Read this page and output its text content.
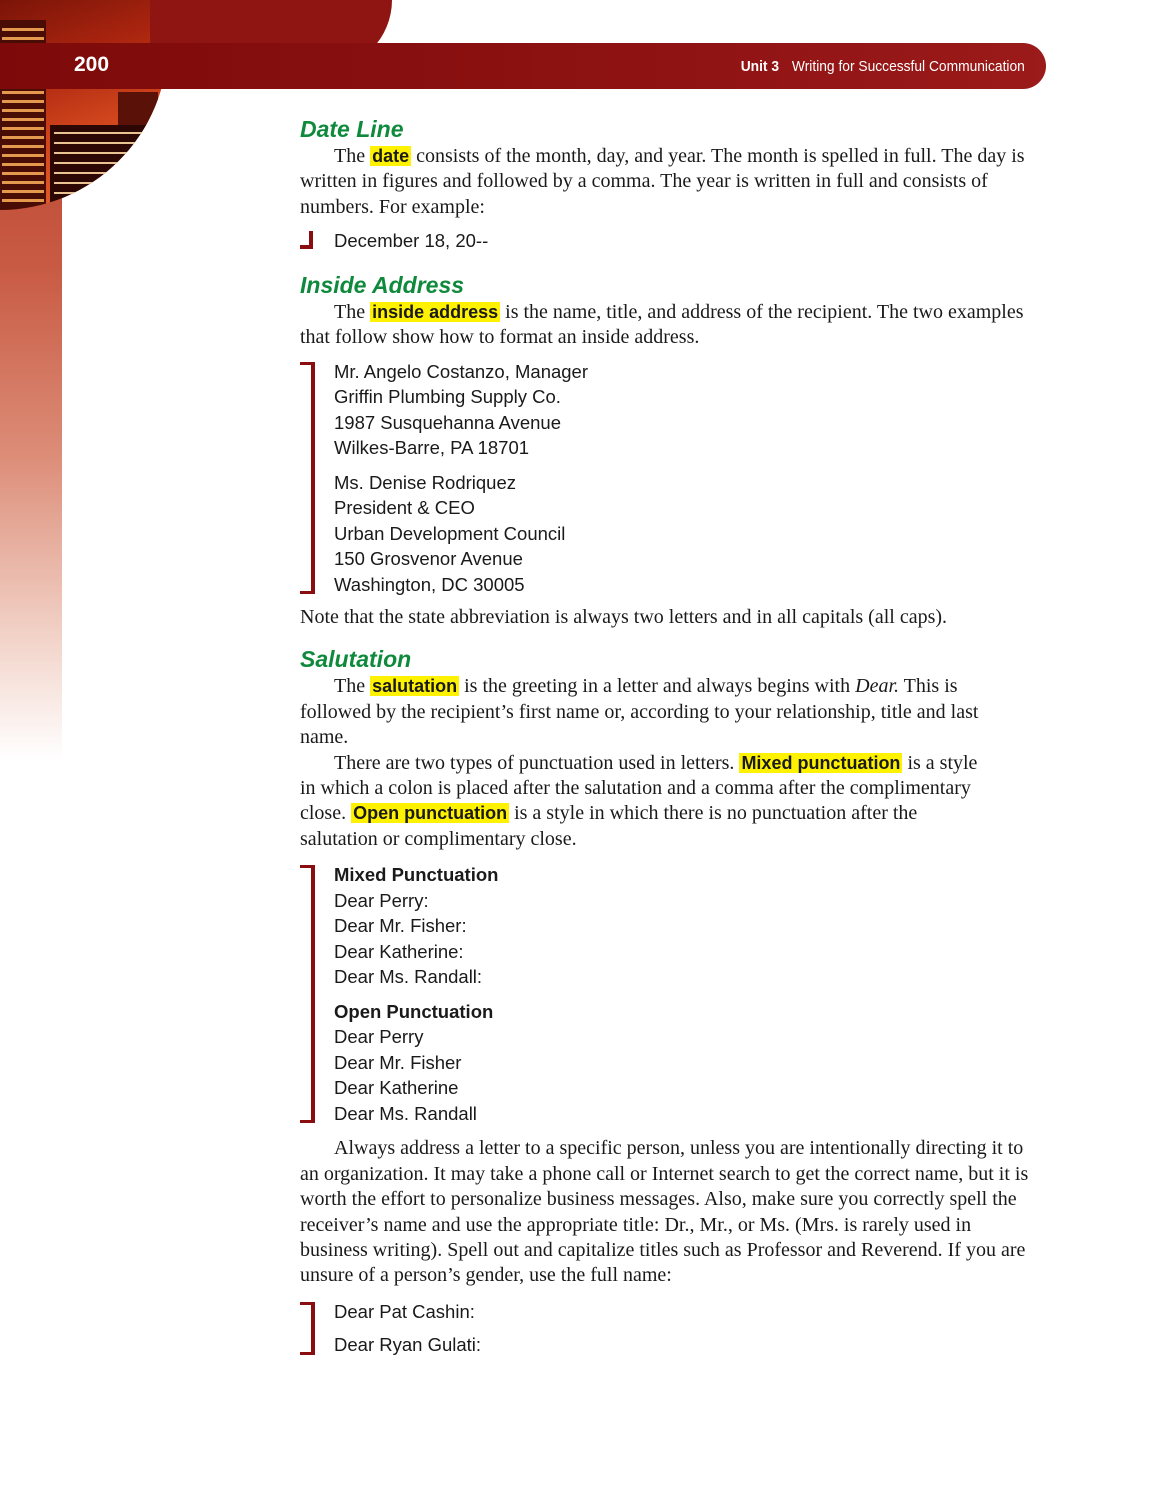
200	Unit 3 Writing for Successful Communication
Date Line

The date consists of the month, day, and year. The month is spelled in full. The day is written in figures and followed by a comma. The year is written in full and consists of numbers. For example:

December 18, 20--
Inside Address

The inside address is the name, title, and address of the recipient. The two examples that follow show how to format an inside address.

Mr. Angelo Costanzo, Manager
Griffin Plumbing Supply Co.
1987 Susquehanna Avenue
Wilkes-Barre, PA 18701
Ms. Denise Rodriquez
President & CEO
Urban Development Council
150 Grosvenor Avenue
Washington, DC 30005

Note that the state abbreviation is always two letters and in all capitals (all caps).

Salutation

The salutation is the greeting in a letter and always begins with Dear. This is followed by the recipient’s first name or, according to your relationship, title and last name.

There are two types of punctuation used in letters. Mixed punctuation is a style in which a colon is placed after the salutation and a comma after the complimentary close. Open punctuation is a style in which there is no punctuation after the salutation or complimentary close.

Mixed Punctuation
Dear Perry:
Dear Mr. Fisher:
Dear Katherine:
Dear Ms. Randall:
Open Punctuation
Dear Perry
Dear Mr. Fisher
Dear Katherine
Dear Ms. Randall

Always address a letter to a specific person, unless you are intentionally directing it to an organization. It may take a phone call or Internet search to get the correct name, but it is worth the effort to personalize business messages. Also, make sure you correctly spell the receiver’s name and use the appropriate title: Dr., Mr., or Ms. (Mrs. is rarely used in business writing). Spell out and capitalize titles such as Professor and Reverend. If you are unsure of a person’s gender, use the full name:

Dear Pat Cashin:
Dear Ryan Gulati:
